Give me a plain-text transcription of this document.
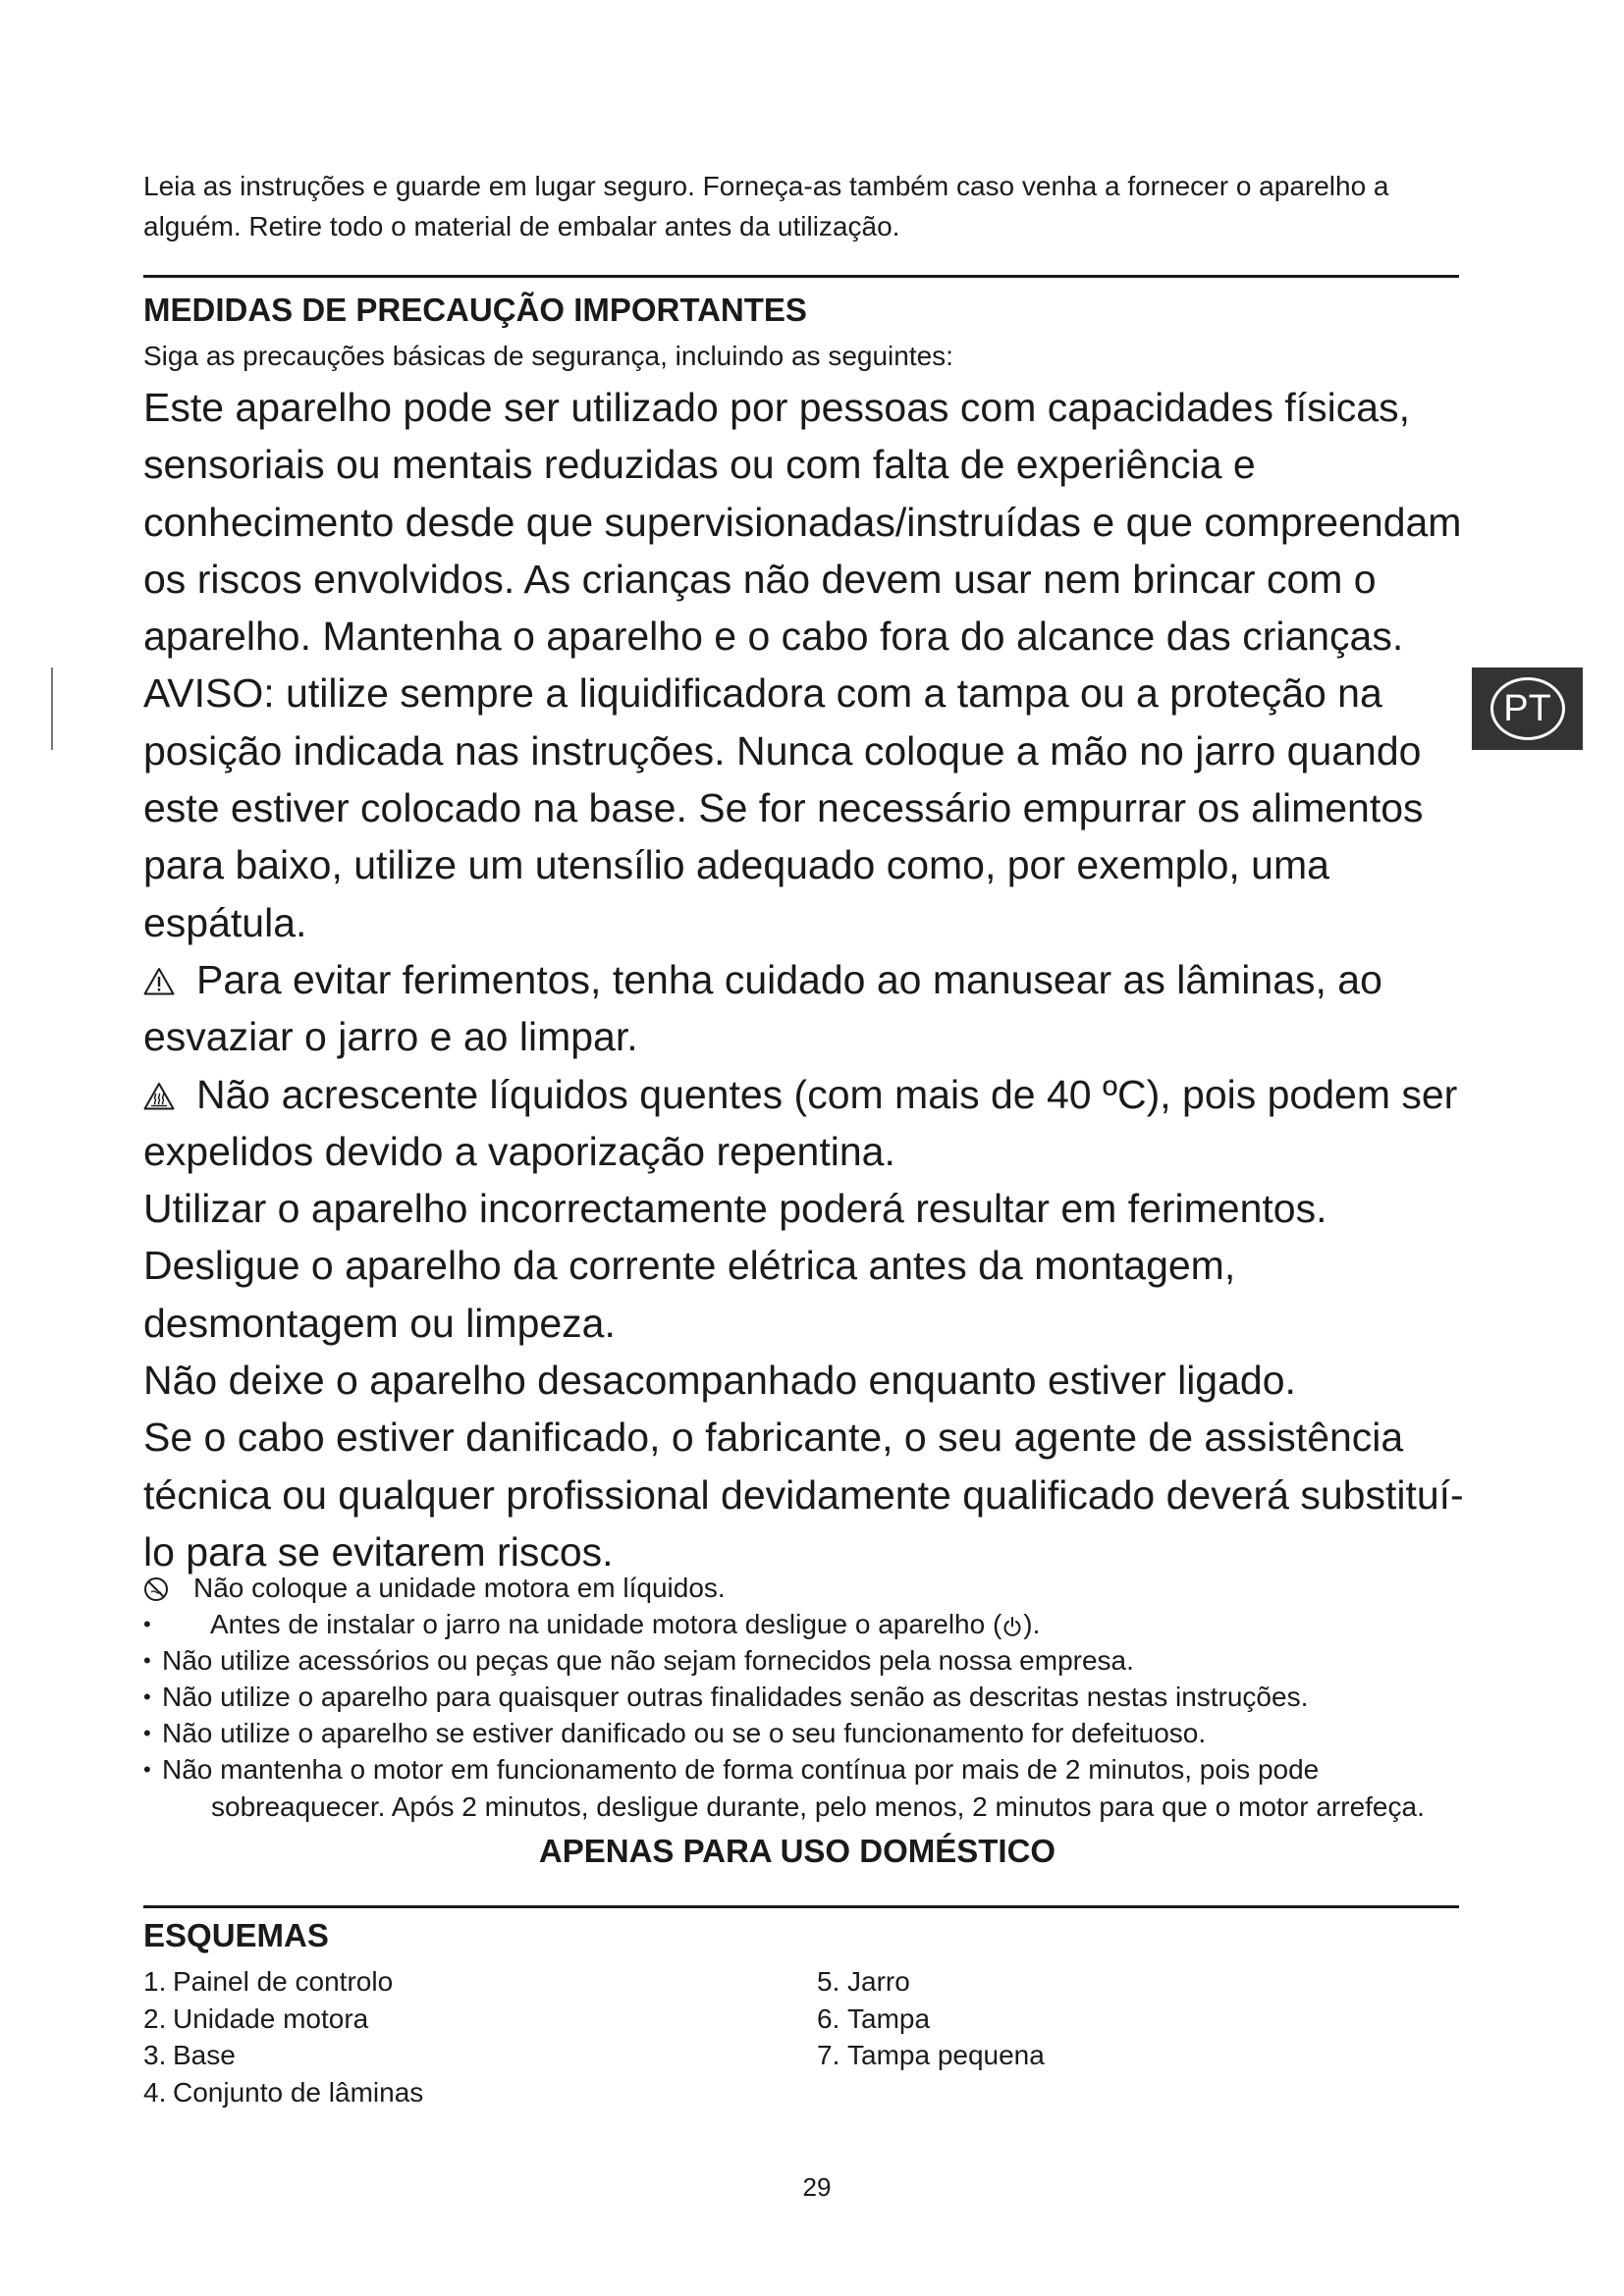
Leia as instruções e guarde em lugar seguro. Forneça-as também caso venha a fornecer o aparelho a
alguém. Retire todo o material de embalar antes da utilização.
MEDIDAS DE PRECAUÇÃO IMPORTANTES
Siga as precauções básicas de segurança, incluindo as seguintes:
Este aparelho pode ser utilizado por pessoas com capacidades físicas,
sensoriais ou mentais reduzidas ou com falta de experiência e
conhecimento desde que supervisionadas/instruídas e que compreendam
os riscos envolvidos. As crianças não devem usar nem brincar com o
aparelho. Mantenha o aparelho e o cabo fora do alcance das crianças.
AVISO: utilize sempre a liquidificadora com a tampa ou a proteção na
posição indicada nas instruções. Nunca coloque a mão no jarro quando
este estiver colocado na base. Se for necessário empurrar os alimentos
para baixo, utilize um utensílio adequado como, por exemplo, uma
espátula.
Para evitar ferimentos, tenha cuidado ao manusear as lâminas, ao
esvaziar o jarro e ao limpar.
Não acrescente líquidos quentes (com mais de 40 ºC), pois podem ser
expelidos devido a vaporização repentina.
Utilizar o aparelho incorrectamente poderá resultar em ferimentos.
Desligue o aparelho da corrente elétrica antes da montagem,
desmontagem ou limpeza.
Não deixe o aparelho desacompanhado enquanto estiver ligado.
Se o cabo estiver danificado, o fabricante, o seu agente de assistência
técnica ou qualquer profissional devidamente qualificado deverá substituí-
lo para se evitarem riscos.
Não coloque a unidade motora em líquidos.
• Antes de instalar o jarro na unidade motora desligue o aparelho ( ).
• Não utilize acessórios ou peças que não sejam fornecidos pela nossa empresa.
• Não utilize o aparelho para quaisquer outras finalidades senão as descritas nestas instruções.
• Não utilize o aparelho se estiver danificado ou se o seu funcionamento for defeituoso.
• Não mantenha o motor em funcionamento de forma contínua por mais de 2 minutos, pois pode
sobreaquecer. Após 2 minutos, desligue durante, pelo menos, 2 minutos para que o motor arrefeça.
APENAS PARA USO DOMÉSTICO
ESQUEMAS
1. Painel de controlo
2. Unidade motora
3. Base
4. Conjunto de lâminas
5. Jarro
6. Tampa
7. Tampa pequena
29
PT
